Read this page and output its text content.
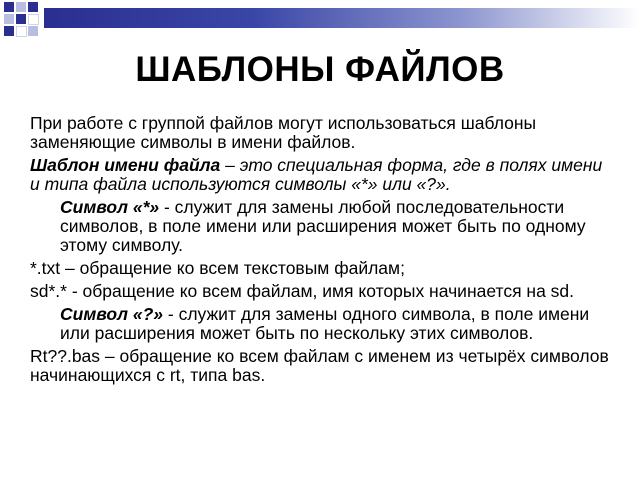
ШАБЛОНЫ ФАЙЛОВ

При работе с группой файлов могут использоваться шаблоны заменяющие символы в имени файлов.

Шаблон имени файла – это специальная форма, где в полях имени и типа файла используются символы «*» или «?».

Символ «*» - служит для замены любой последовательности символов, в поле имени или расширения может быть по одному этому символу.

*.txt – обращение ко всем текстовым файлам;

sd*.* - обращение ко всем файлам, имя которых начинается на sd.

Символ «?» - служит для замены одного символа, в поле имени или расширения может быть по нескольку этих символов.

Rt??.bas – обращение ко всем файлам с именем из четырёх символов начинающихся с rt, типа bas.
